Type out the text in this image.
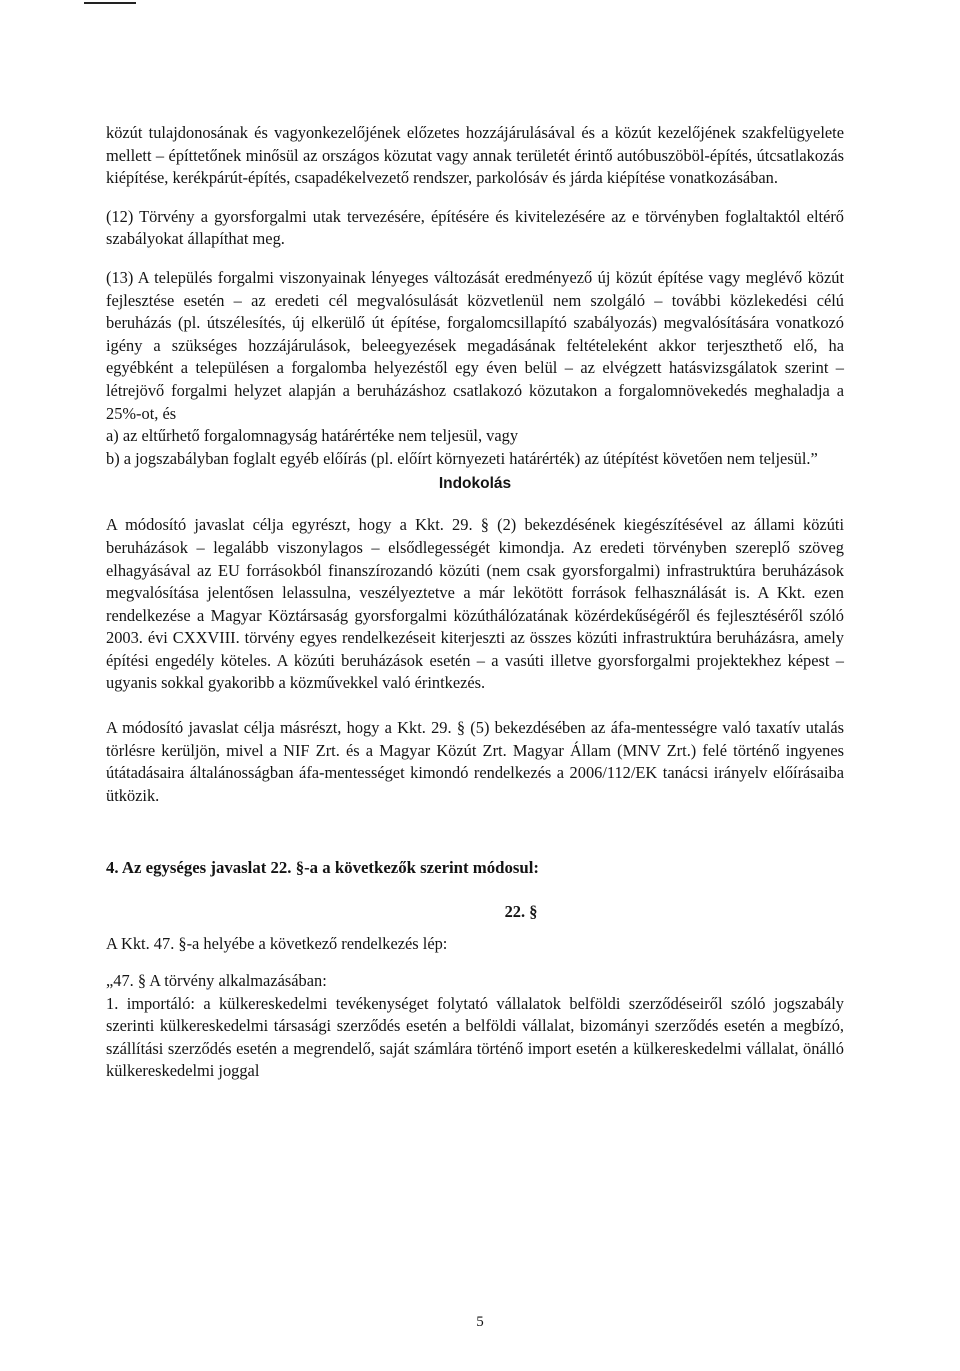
közút tulajdonosának és vagyonkezelőjének előzetes hozzájárulásával és a közút kezelőjének szakfelügyelete mellett – építtetőnek minősül az országos közutat vagy annak területét érintő autóbuszöböl-építés, útcsatlakozás kiépítése, kerékpárút-építés, csapadékelvezető rendszer, parkolósáv és járda kiépítése vonatkozásában.

(12) Törvény a gyorsforgalmi utak tervezésére, építésére és kivitelezésére az e törvényben foglaltaktól eltérő szabályokat állapíthat meg.

(13) A település forgalmi viszonyainak lényeges változását eredményező új közút építése vagy meglévő közút fejlesztése esetén – az eredeti cél megvalósulását közvetlenül nem szolgáló – további közlekedési célú beruházás (pl. útszélesítés, új elkerülő út építése, forgalomcsillapító szabályozás) megvalósítására vonatkozó igény a szükséges hozzájárulások, beleegyezések megadásának feltételeként akkor terjeszthető elő, ha egyébként a településen a forgalomba helyezéstől egy éven belül – az elvégzett hatásvizsgálatok szerint – létrejövő forgalmi helyzet alapján a beruházáshoz csatlakozó közutakon a forgalomnövekedés meghaladja a 25%-ot, és

a) az eltűrhető forgalomnagyság határértéke nem teljesül, vagy

b) a jogszabályban foglalt egyéb előírás (pl. előírt környezeti határérték) az útépítést követően nem teljesül.”

Indokolás

A módosító javaslat célja egyrészt, hogy a Kkt. 29. § (2) bekezdésének kiegészítésével az állami közúti beruházások – legalább viszonylagos – elsődlegességét kimondja. Az eredeti törvényben szereplő szöveg elhagyásával az EU forrásokból finanszírozandó közúti (nem csak gyorsforgalmi) infrastruktúra beruházások megvalósítása jelentősen lelassulna, veszélyeztetve a már lekötött források felhasználását is. A Kkt. ezen rendelkezése a Magyar Köztársaság gyorsforgalmi közúthálózatának közérdekűségéről és fejlesztéséről szóló 2003. évi CXXVIII. törvény egyes rendelkezéseit kiterjeszti az összes közúti infrastruktúra beruházásra, amely építési engedély köteles. A közúti beruházások esetén – a vasúti illetve gyorsforgalmi projektekhez képest – ugyanis sokkal gyakoribb a közművekkel való érintkezés.

A módosító javaslat célja másrészt, hogy a Kkt. 29. § (5) bekezdésében az áfa-mentességre való taxatív utalás törlésre kerüljön, mivel a NIF Zrt. és a Magyar Közút Zrt. Magyar Állam (MNV Zrt.) felé történő ingyenes útátadásaira általánosságban áfa-mentességet kimondó rendelkezés a 2006/112/EK tanácsi irányelv előírásaiba ütközik.

4. Az egységes javaslat 22. §-a a következők szerint módosul:
22. §

A Kkt. 47. §-a helyébe a következő rendelkezés lép:

„47. § A törvény alkalmazásában:

1. importáló: a külkereskedelmi tevékenységet folytató vállalatok belföldi szerződéseiről szóló jogszabály szerinti külkereskedelmi társasági szerződés esetén a belföldi vállalat, bizományi szerződés esetén a megbízó, szállítási szerződés esetén a megrendelő, saját számlára történő import esetén a külkereskedelmi vállalat, önálló külkereskedelmi joggal

5
